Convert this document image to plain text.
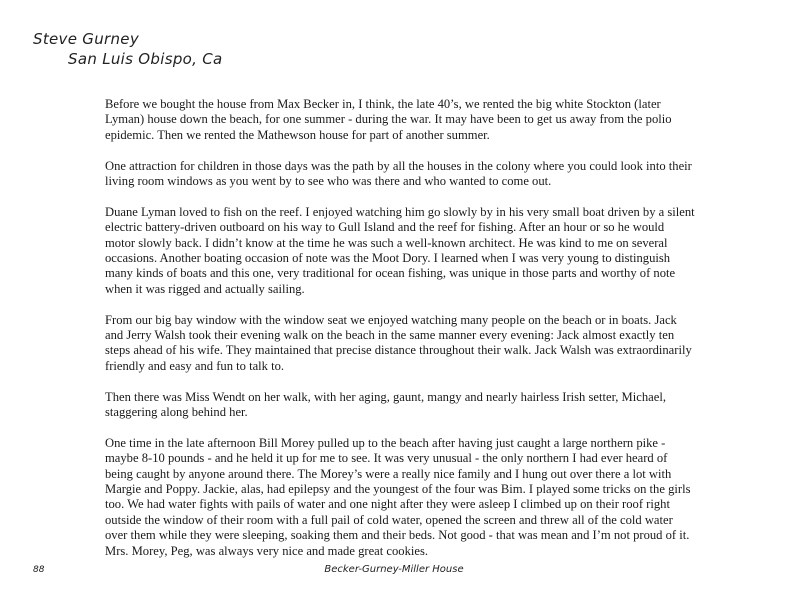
Steve Gurney
San Luis Obispo, Ca

Before we bought the house from Max Becker in, I think, the late 40’s, we rented the big white Stockton (later Lyman) house down the beach, for one summer - during the war. It may have been to get us away from the polio epidemic. Then we rented the Mathewson house for part of another summer.

One attraction for children in those days was the path by all the houses in the colony where you could look into their living room windows as you went by to see who was there and who wanted to come out.

Duane Lyman loved to fish on the reef. I enjoyed watching him go slowly by in his very small boat driven by a silent electric battery-driven outboard on his way to Gull Island and the reef for fishing. After an hour or so he would motor slowly back. I didn’t know at the time he was such a well-known architect. He was kind to me on several occasions. Another boating occasion of note was the Moot Dory. I learned when I was very young to distinguish many kinds of boats and this one, very traditional for ocean fishing, was unique in those parts and worthy of note when it was rigged and actually sailing.

From our big bay window with the window seat we enjoyed watching many people on the beach or in boats. Jack and Jerry Walsh took their evening walk on the beach in the same manner every evening: Jack almost exactly ten steps ahead of his wife. They maintained that precise distance throughout their walk. Jack Walsh was extraordinarily friendly and easy and fun to talk to.

Then there was Miss Wendt on her walk, with her aging, gaunt, mangy and nearly hairless Irish setter, Michael, staggering along behind her.

One time in the late afternoon Bill Morey pulled up to the beach after having just caught a large northern pike - maybe 8-10 pounds - and he held it up for me to see. It was very unusual - the only northern I had ever heard of being caught by anyone around there. The Morey’s were a really nice family and I hung out over there a lot with Margie and Poppy. Jackie, alas, had epilepsy and the youngest of the four was Bim. I played some tricks on the girls too. We had water fights with pails of water and one night after they were asleep I climbed up on their roof right outside the window of their room with a full pail of cold water, opened the screen and threw all of the cold water over them while they were sleeping, soaking them and their beds. Not good - that was mean and I’m not proud of it. Mrs. Morey, Peg, was always very nice and made great cookies.

88	Becker-Gurney-Miller House
